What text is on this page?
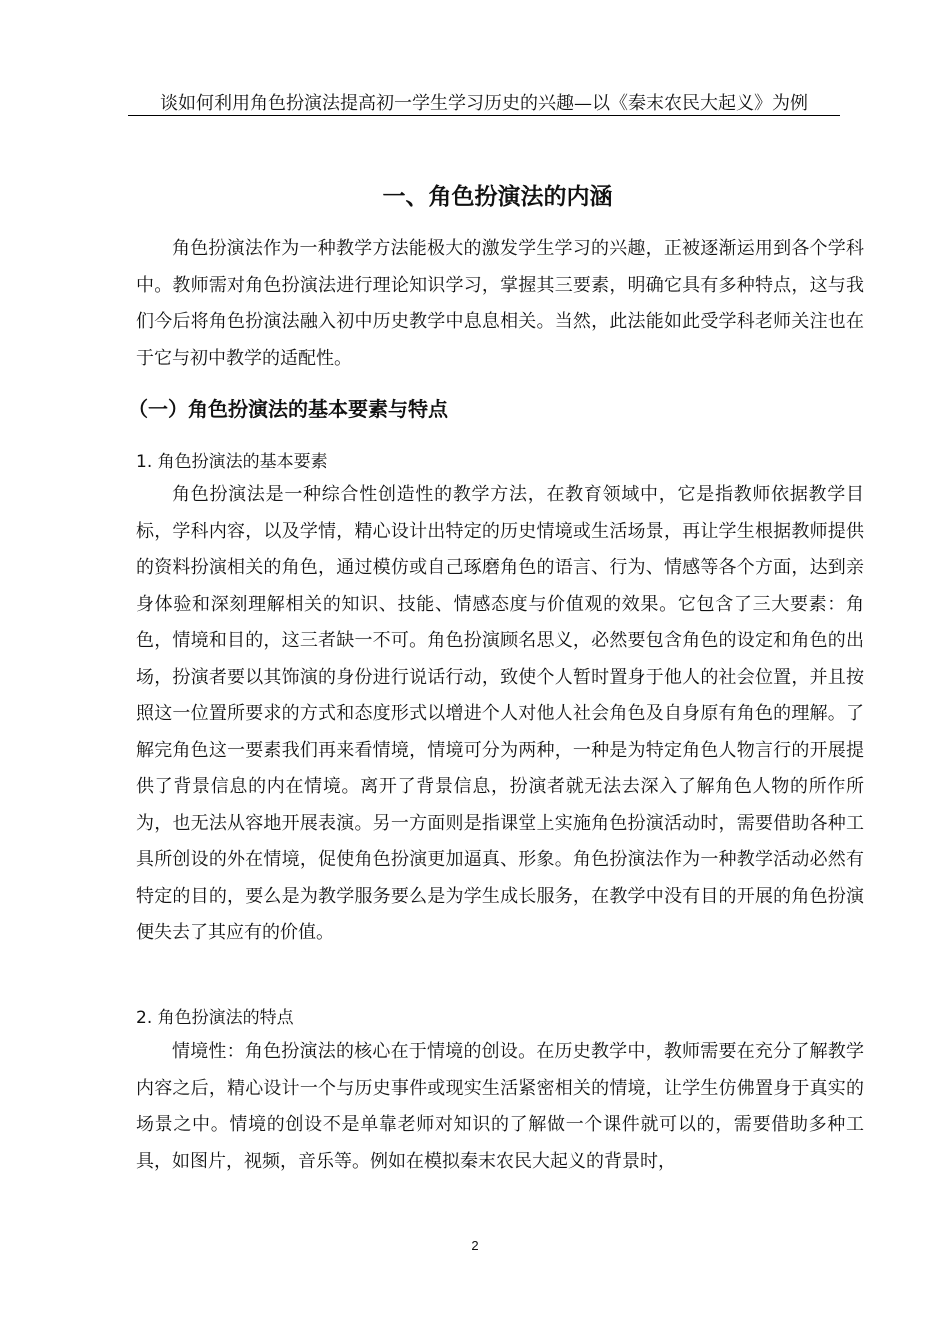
谈如何利用角色扮演法提高初一学生学习历史的兴趣—以《秦末农民大起义》为例
一、角色扮演法的内涵

角色扮演法作为一种教学方法能极大的激发学生学习的兴趣，正被逐渐运用到各个学科中。教师需对角色扮演法进行理论知识学习，掌握其三要素，明确它具有多种特点，这与我们今后将角色扮演法融入初中历史教学中息息相关。当然，此法能如此受学科老师关注也在于它与初中教学的适配性。

（一）角色扮演法的基本要素与特点
1. 角色扮演法的基本要素

角色扮演法是一种综合性创造性的教学方法，在教育领域中，它是指教师依据教学目标，学科内容，以及学情，精心设计出特定的历史情境或生活场景，再让学生根据教师提供的资料扮演相关的角色，通过模仿或自己琢磨角色的语言、行为、情感等各个方面，达到亲身体验和深刻理解相关的知识、技能、情感态度与价值观的效果。它包含了三大要素：角色，情境和目的，这三者缺一不可。角色扮演顾名思义，必然要包含角色的设定和角色的出场，扮演者要以其饰演的身份进行说话行动，致使个人暂时置身于他人的社会位置，并且按照这一位置所要求的方式和态度形式以增进个人对他人社会角色及自身原有角色的理解。了解完角色这一要素我们再来看情境，情境可分为两种，一种是为特定角色人物言行的开展提供了背景信息的内在情境。离开了背景信息，扮演者就无法去深入了解角色人物的所作所为，也无法从容地开展表演。另一方面则是指课堂上实施角色扮演活动时，需要借助各种工具所创设的外在情境，促使角色扮演更加逼真、形象。角色扮演法作为一种教学活动必然有特定的目的，要么是为教学服务要么是为学生成长服务，在教学中没有目的开展的角色扮演便失去了其应有的价值。

2. 角色扮演法的特点

情境性：角色扮演法的核心在于情境的创设。在历史教学中，教师需要在充分了解教学内容之后，精心设计一个与历史事件或现实生活紧密相关的情境，让学生仿佛置身于真实的场景之中。情境的创设不是单靠老师对知识的了解做一个课件就可以的，需要借助多种工具，如图片，视频，音乐等。例如在模拟秦末农民大起义的背景时，

2
